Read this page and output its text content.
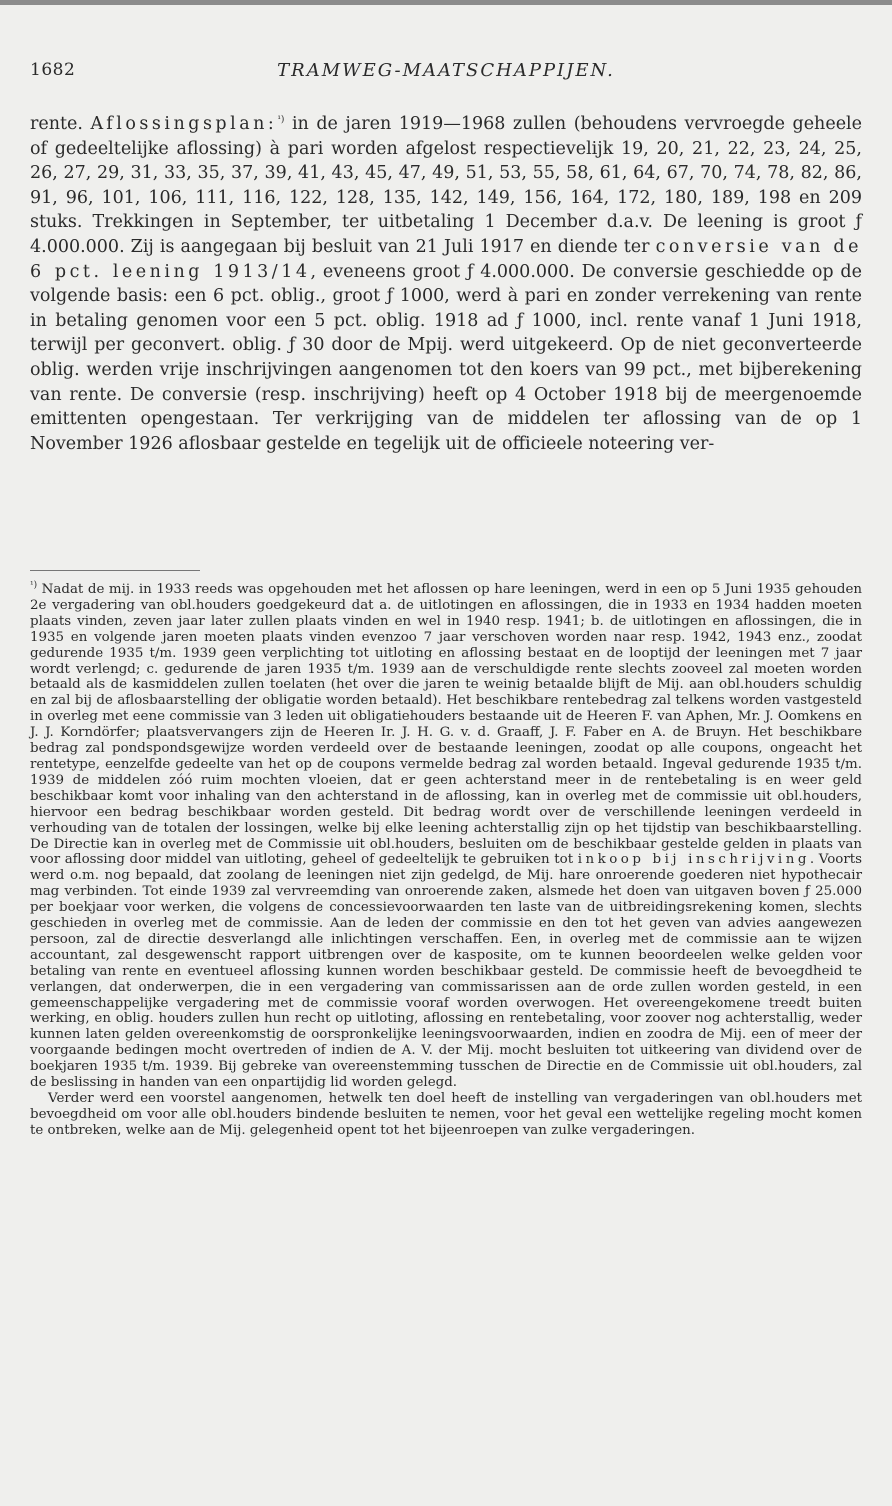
1682	TRAMWEG-MAATSCHAPPIJEN.

rente. Aflossingsplan:$^{^1)}$ in de jaren 1919—1968 zullen (behoudens vervroegde geheele of gedeeltelijke aflossing) à pari worden afgelost respectievelijk 19, 20, 21, 22, 23, 24, 25, 26, 27, 29, 31, 33, 35, 37, 39, 41, 43, 45, 47, 49, 51, 53, 55, 58, 61, 64, 67, 70, 74, 78, 82, 86, 91, 96, 101, 106, 111, 116, 122, 128, 135, 142, 149, 156, 164, 172, 180, 189, 198 en 209 stuks. Trekkingen in September, ter uitbetaling 1 December d.a.v. De leening is groot ƒ 4.000.000. Zij is aangegaan bij besluit van 21 Juli 1917 en diende ter conversie van de 6 pct. leening 1913/14, eveneens groot ƒ 4.000.000. De conversie geschiedde op de volgende basis: een 6 pct. oblig., groot ƒ 1000, werd à pari en zonder verrekening van rente in betaling genomen voor een 5 pct. oblig. 1918 ad ƒ 1000, incl. rente vanaf 1 Juni 1918, terwijl per geconvert. oblig. ƒ 30 door de Mpij. werd uitgekeerd. Op de niet geconverteerde oblig. werden vrije inschrijvingen aangenomen tot den koers van 99 pct., met bijberekening van rente. De conversie (resp. inschrijving) heeft op 4 October 1918 bij de meergenoemde emittenten opengestaan. Ter verkrijging van de middelen ter aflossing van de op 1 November 1926 aflosbaar gestelde en tegelijk uit de officieele noteering ver-

$^{^1)}$ Nadat de mij. in 1933 reeds was opgehouden met het aflossen op hare leeningen, werd in een op 5 Juni 1935 gehouden 2e vergadering van obl.houders goedgekeurd dat a. de uitlotingen en aflossingen, die in 1933 en 1934 hadden moeten plaats vinden, zeven jaar later zullen plaats vinden en wel in 1940 resp. 1941; b. de uitlotingen en aflossingen, die in 1935 en volgende jaren moeten plaats vinden evenzoo 7 jaar verschoven worden naar resp. 1942, 1943 enz., zoodat gedurende 1935 t/m. 1939 geen verplichting tot uitloting en aflossing bestaat en de looptijd der leeningen met 7 jaar wordt verlengd; c. gedurende de jaren 1935 t/m. 1939 aan de verschuldigde rente slechts zooveel zal moeten worden betaald als de kasmiddelen zullen toelaten (het over die jaren te weinig betaalde blijft de Mij. aan obl.houders schuldig en zal bij de aflosbaarstelling der obligatie worden betaald). Het beschikbare rentebedrag zal telkens worden vastgesteld in overleg met eene commissie van 3 leden uit obligatiehouders bestaande uit de Heeren F. van Aphen, Mr. J. Oomkens en J. J. Korndörfer; plaatsvervangers zijn de Heeren Ir. J. H. G. v. d. Graaff, J. F. Faber en A. de Bruyn. Het beschikbare bedrag zal pondspondsgewijze worden verdeeld over de bestaande leeningen, zoodat op alle coupons, ongeacht het rentetype, eenzelfde gedeelte van het op de coupons vermelde bedrag zal worden betaald. Ingeval gedurende 1935 t/m. 1939 de middelen zóó ruim mochten vloeien, dat er geen achterstand meer in de rentebetaling is en weer geld beschikbaar komt voor inhaling van den achterstand in de aflossing, kan in overleg met de commissie uit obl.houders, hiervoor een bedrag beschikbaar worden gesteld. Dit bedrag wordt over de verschillende leeningen verdeeld in verhouding van de totalen der lossingen, welke bij elke leening achterstallig zijn op het tijdstip van beschikbaarstelling. De Directie kan in overleg met de Commissie uit obl.houders, besluiten om de beschikbaar gestelde gelden in plaats van voor aflossing door middel van uitloting, geheel of gedeeltelijk te gebruiken tot inkoop bij inschrijving. Voorts werd o.m. nog bepaald, dat zoolang de leeningen niet zijn gedelgd, de Mij. hare onroerende goederen niet hypothecair mag verbinden. Tot einde 1939 zal vervreemding van onroerende zaken, alsmede het doen van uitgaven boven ƒ 25.000 per boekjaar voor werken, die volgens de concessievoorwaarden ten laste van de uitbreidingsrekening komen, slechts geschieden in overleg met de commissie. Aan de leden der commissie en den tot het geven van advies aangewezen persoon, zal de directie desverlangd alle inlichtingen verschaffen. Een, in overleg met de commissie aan te wijzen accountant, zal desgewenscht rapport uitbrengen over de kasposite, om te kunnen beoordeelen welke gelden voor betaling van rente en eventueel aflossing kunnen worden beschikbaar gesteld. De commissie heeft de bevoegdheid te verlangen, dat onderwerpen, die in een vergadering van commissarissen aan de orde zullen worden gesteld, in een gemeenschappelijke vergadering met de commissie vooraf worden overwogen. Het overeengekomene treedt buiten werking, en oblig. houders zullen hun recht op uitloting, aflossing en rentebetaling, voor zoover nog achterstallig, weder kunnen laten gelden overeenkomstig de oorspronkelijke leeningsvoorwaarden, indien en zoodra de Mij. een of meer der voorgaande bedingen mocht overtreden of indien de A. V. der Mij. mocht besluiten tot uitkeering van dividend over de boekjaren 1935 t/m. 1939. Bij gebreke van overeenstemming tusschen de Directie en de Commissie uit obl.houders, zal de beslissing in handen van een onpartijdig lid worden gelegd.

Verder werd een voorstel aangenomen, hetwelk ten doel heeft de instelling van vergaderingen van obl.houders met bevoegdheid om voor alle obl.houders bindende besluiten te nemen, voor het geval een wettelijke regeling mocht komen te ontbreken, welke aan de Mij. gelegenheid opent tot het bijeenroepen van zulke vergaderingen.
